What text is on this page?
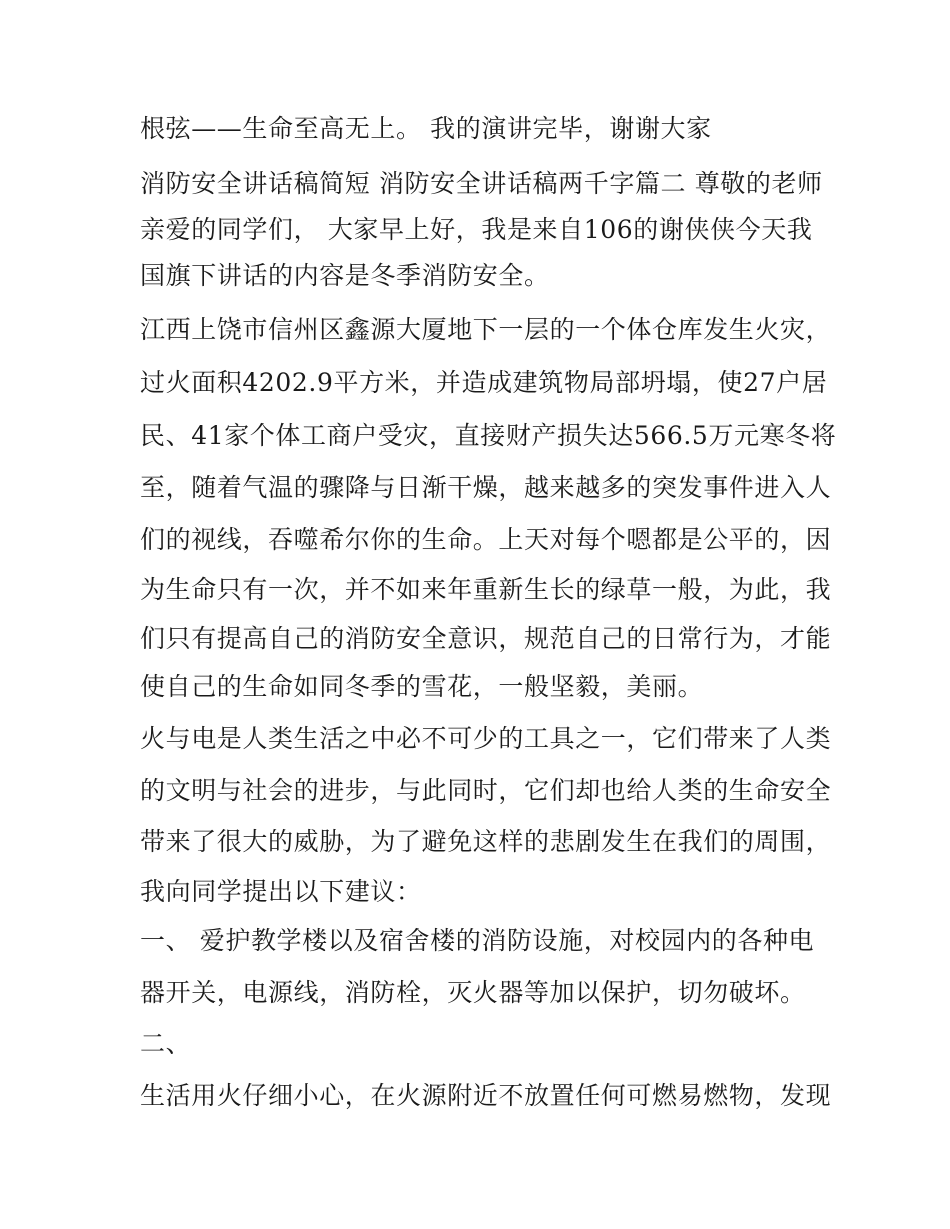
根弦——生命至高无上。 我的演讲完毕，谢谢大家
消防安全讲话稿简短 消防安全讲话稿两千字篇二 尊敬的老师
亲爱的同学们， 大家早上好，我是来自106的谢侠侠今天我
国旗下讲话的内容是冬季消防安全。
江西上饶市信州区鑫源大厦地下一层的一个体仓库发生火灾，
过火面积4202.9平方米，并造成建筑物局部坍塌，使27户居
民、41家个体工商户受灾，直接财产损失达566.5万元寒冬将
至，随着气温的骤降与日渐干燥，越来越多的突发事件进入人
们的视线，吞噬希尔你的生命。上天对每个嗯都是公平的，因
为生命只有一次，并不如来年重新生长的绿草一般，为此，我
们只有提高自己的消防安全意识，规范自己的日常行为，才能
使自己的生命如同冬季的雪花，一般坚毅，美丽。
火与电是人类生活之中必不可少的工具之一，它们带来了人类
的文明与社会的进步，与此同时，它们却也给人类的生命安全
带来了很大的威胁，为了避免这样的悲剧发生在我们的周围，
我向同学提出以下建议：
一、 爱护教学楼以及宿舍楼的消防设施，对校园内的各种电
器开关，电源线，消防栓，灭火器等加以保护，切勿破坏。
二、
生活用火仔细小心，在火源附近不放置任何可燃易燃物，发现
